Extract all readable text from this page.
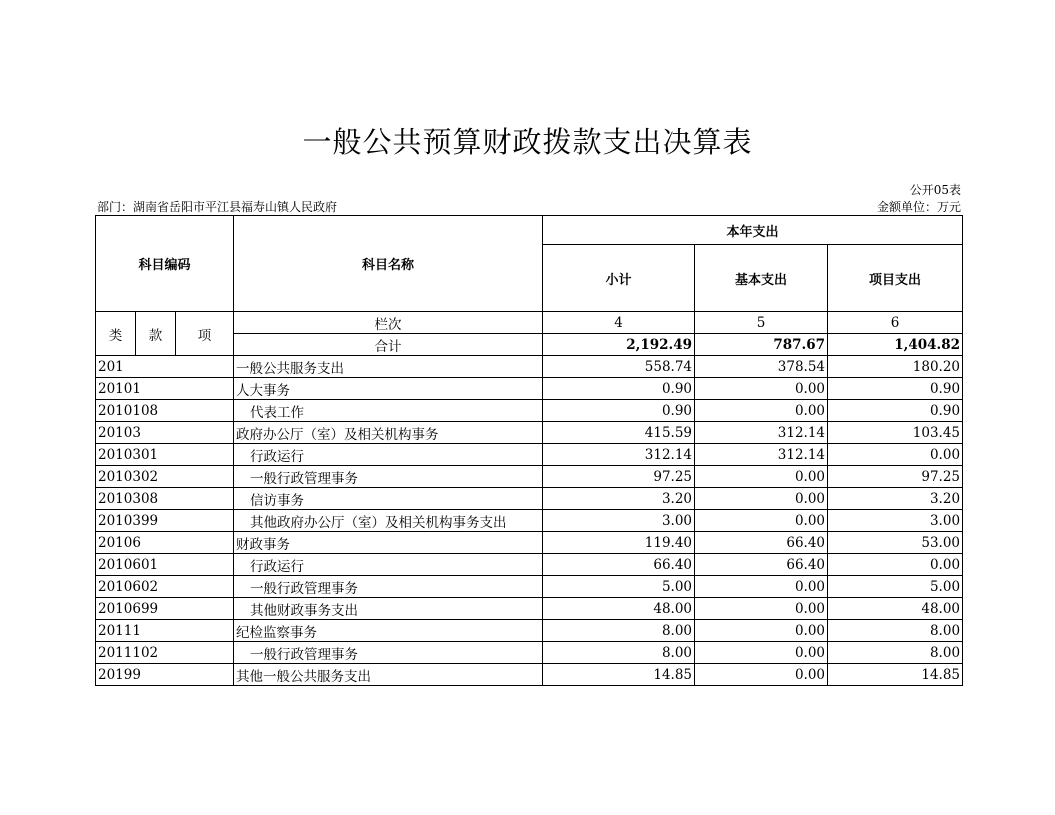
一般公共预算财政拨款支出决算表
公开05表
部门：湖南省岳阳市平江县福寿山镇人民政府	金额单位：万元
科目编码			科目名称	本年支出		
				小计	基本支出	项目支出
类	款	项	栏次	4	5	6
			合计	2,192.49	787.67	1,404.82
201			一般公共服务支出	558.74	378.54	180.20
20101			人大事务	0.90	0.00	0.90
2010108			代表工作	0.90	0.00	0.90
20103			政府办公厅（室）及相关机构事务	415.59	312.14	103.45
2010301			行政运行	312.14	312.14	0.00
2010302			一般行政管理事务	97.25	0.00	97.25
2010308			信访事务	3.20	0.00	3.20
2010399			其他政府办公厅（室）及相关机构事务支出	3.00	0.00	3.00
20106			财政事务	119.40	66.40	53.00
2010601			行政运行	66.40	66.40	0.00
2010602			一般行政管理事务	5.00	0.00	5.00
2010699			其他财政事务支出	48.00	0.00	48.00
20111			纪检监察事务	8.00	0.00	8.00
2011102			一般行政管理事务	8.00	0.00	8.00
20199			其他一般公共服务支出	14.85	0.00	14.85
